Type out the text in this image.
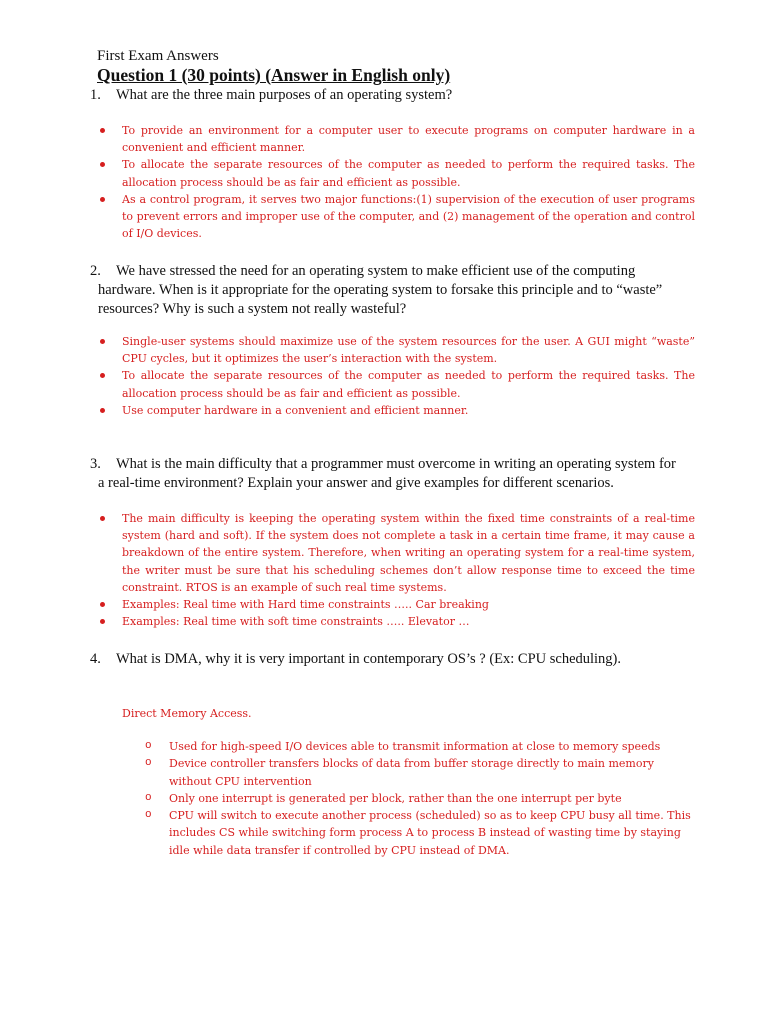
First Exam Answers
Question 1 (30 points) (Answer in English only)
1. What are the three main purposes of an operating system?
To provide an environment for a computer user to execute programs on computer hardware in a convenient and efficient manner.
To allocate the separate resources of the computer as needed to perform the required tasks. The allocation process should be as fair and efficient as possible.
As a control program, it serves two major functions:(1) supervision of the execution of user programs to prevent errors and improper use of the computer, and (2) management of the operation and control of I/O devices.
2. We have stressed the need for an operating system to make efficient use of the computing
hardware. When is it appropriate for the operating system to forsake this principle and to “waste” resources? Why is such a system not really wasteful?
Single-user systems should maximize use of the system resources for the user. A GUI might “waste” CPU cycles, but it optimizes the user’s interaction with the system.
To allocate the separate resources of the computer as needed to perform the required tasks. The allocation process should be as fair and efficient as possible.
Use computer hardware in a convenient and efficient manner.
3. What is the main difficulty that a programmer must overcome in writing an operating system for
a real-time environment? Explain your answer and give examples for different scenarios.
The main difficulty is keeping the operating system within the fixed time constraints of a real-time system (hard and soft). If the system does not complete a task in a certain time frame, it may cause a breakdown of the entire system. Therefore, when writing an operating system for a real-time system, the writer must be sure that his scheduling schemes don’t allow response time to exceed the time constraint. RTOS is an example of such real time systems.
Examples: Real time with Hard time constraints ….. Car breaking
Examples: Real time with soft time constraints ….. Elevator …
4. What is DMA, why it is very important in contemporary OS’s ? (Ex: CPU scheduling).
Direct Memory Access.
o Used for high-speed I/O devices able to transmit information at close to memory speeds
o Device controller transfers blocks of data from buffer storage directly to main memory without CPU intervention
o Only one interrupt is generated per block, rather than the one interrupt per byte
o CPU will switch to execute another process (scheduled) so as to keep CPU busy all time. This includes CS while switching form process A to process B instead of wasting time by staying idle while data transfer if controlled by CPU instead of DMA.
